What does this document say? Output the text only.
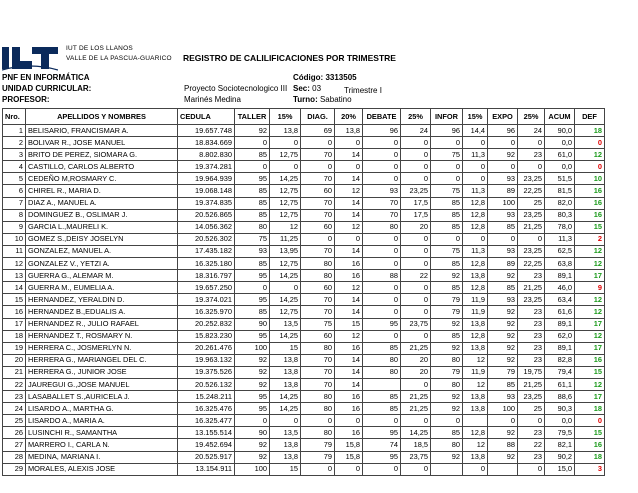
IUT DE LOS LLANOS
VALLE DE LA PASCUA-GUARICO REGISTRO DE CALILIFICACIONES POR TRIMESTRE
PNF EN INFORMÁTICA
UNIDAD CURRICULAR:	Proyecto Sociotecnologico III
PROFESOR:	Marinés Medina
Código: 3313505
Sec: 03	Trimestre I
Turno: Sabatino
Nro.	APELLIDOS Y NOMBRES	CEDULA	TALLER	15%	DIAG.	20%	DEBATE	25%	INFOR	15%	EXPO	25%	ACUM	DEF
1	BELISARIO, FRANCISMAR A.	19.657.748	92	13,8	69	13,8	96	24	96	14,4	96	24	90,0	18
2	BOLIVAR R., JOSE MANUEL	18.834.669	0	0	0	0	0	0	0	0	0	0	0,0	0
3	BRITO DE PEREZ, SIOMARA G.	8.802.830	85	12,75	70	14	0	0	75	11,3	92	23	61,0	12
4	CASTILLO, CARLOS ALBERTO	19.374.281	0	0	0	0	0	0	0	0	0	0	0,0	0
5	CEDEÑO M,ROSMARY C.	19.964.939	95	14,25	70	14	0	0	0	0	93	23,25	51,5	10
6	CHIREL R., MARIA D.	19.068.148	85	12,75	60	12	93	23,25	75	11,3	89	22,25	81,5	16
7	DIAZ A., MANUEL A.	19.374.835	85	12,75	70	14	70	17,5	85	12,8	100	25	82,0	16
8	DOMINGUEZ B., OSLIMAR J.	20.526.865	85	12,75	70	14	70	17,5	85	12,8	93	23,25	80,3	16
9	GARCIA L.,MAURELI K.	14.056.362	80	12	60	12	80	20	85	12,8	85	21,25	78,0	15
10	GOMEZ S.,DEISY JOSELYN	20.526.302	75	11,25	0	0	0	0	0	0	0	0	11,3	2
11	GONZALEZ, MANUEL A.	17.435.182	93	13,95	70	14	0	0	75	11,3	93	23,25	62,5	12
12	GONZALEZ V., YETZI A.	16.325.180	85	12,75	80	16	0	0	85	12,8	89	22,25	63,8	12
13	GUERRA G., ALEMAR M.	18.316.797	95	14,25	80	16	88	22	92	13,8	92	23	89,1	17
14	GUERRA M., EUMELIA A.	19.657.250	0	0	60	12	0	0	85	12,8	85	21,25	46,0	9
15	HERNANDEZ, YERALDIN D.	19.374.021	95	14,25	70	14	0	0	79	11,9	93	23,25	63,4	12
16	HERNANDEZ B.,EDUALIS A.	16.325.970	85	12,75	70	14	0	0	79	11,9	92	23	61,6	12
17	HERNANDEZ R., JULIO RAFAEL	20.252.832	90	13,5	75	15	95	23,75	92	13,8	92	23	89,1	17
18	HERNANDEZ T., ROSMARY N.	15.823.230	95	14,25	60	12	0	0	85	12,8	92	23	62,0	12
19	HERRERA C., JOSMERLYN N.	20.261.476	100	15	80	16	85	21,25	92	13,8	92	23	89,1	17
20	HERRERA G., MARIANGEL DEL C.	19.963.132	92	13,8	70	14	80	20	80	12	92	23	82,8	16
21	HERRERA G., JUNIOR JOSE	19.375.526	92	13,8	70	14	80	20	79	11,9	79	19,75	79,4	15
22	JAUREGUI G.,JOSE MANUEL	20.526.132	92	13,8	70	14		0	80	12	85	21,25	61,1	12
23	LASABALLET S.,AURICELA J.	15.248.211	95	14,25	80	16	85	21,25	92	13,8	93	23,25	88,6	17
24	LISARDO A., MARTHA G.	16.325.476	95	14,25	80	16	85	21,25	92	13,8	100	25	90,3	18
25	LISARDO A., MARIA A.	16.325.477	0	0	0	0	0	0	0		0	0	0,0	0
26	LUSINCHI R., SAMANTHA	13.155.514	90	13,5	80	16	95	14,25	85	12,8	92	23	79,5	15
27	MARRERO I., CARLA N.	19.452.694	92	13,8	79	15,8	74	18,5	80	12	88	22	82,1	16
28	MEDINA, MARIANA I.	20.525.917	92	13,8	79	15,8	95	23,75	92	13,8	92	23	90,2	18
29	MORALES, ALEXIS JOSE	13.154.911	100	15	0	0	0	0		0		0	15,0	3
